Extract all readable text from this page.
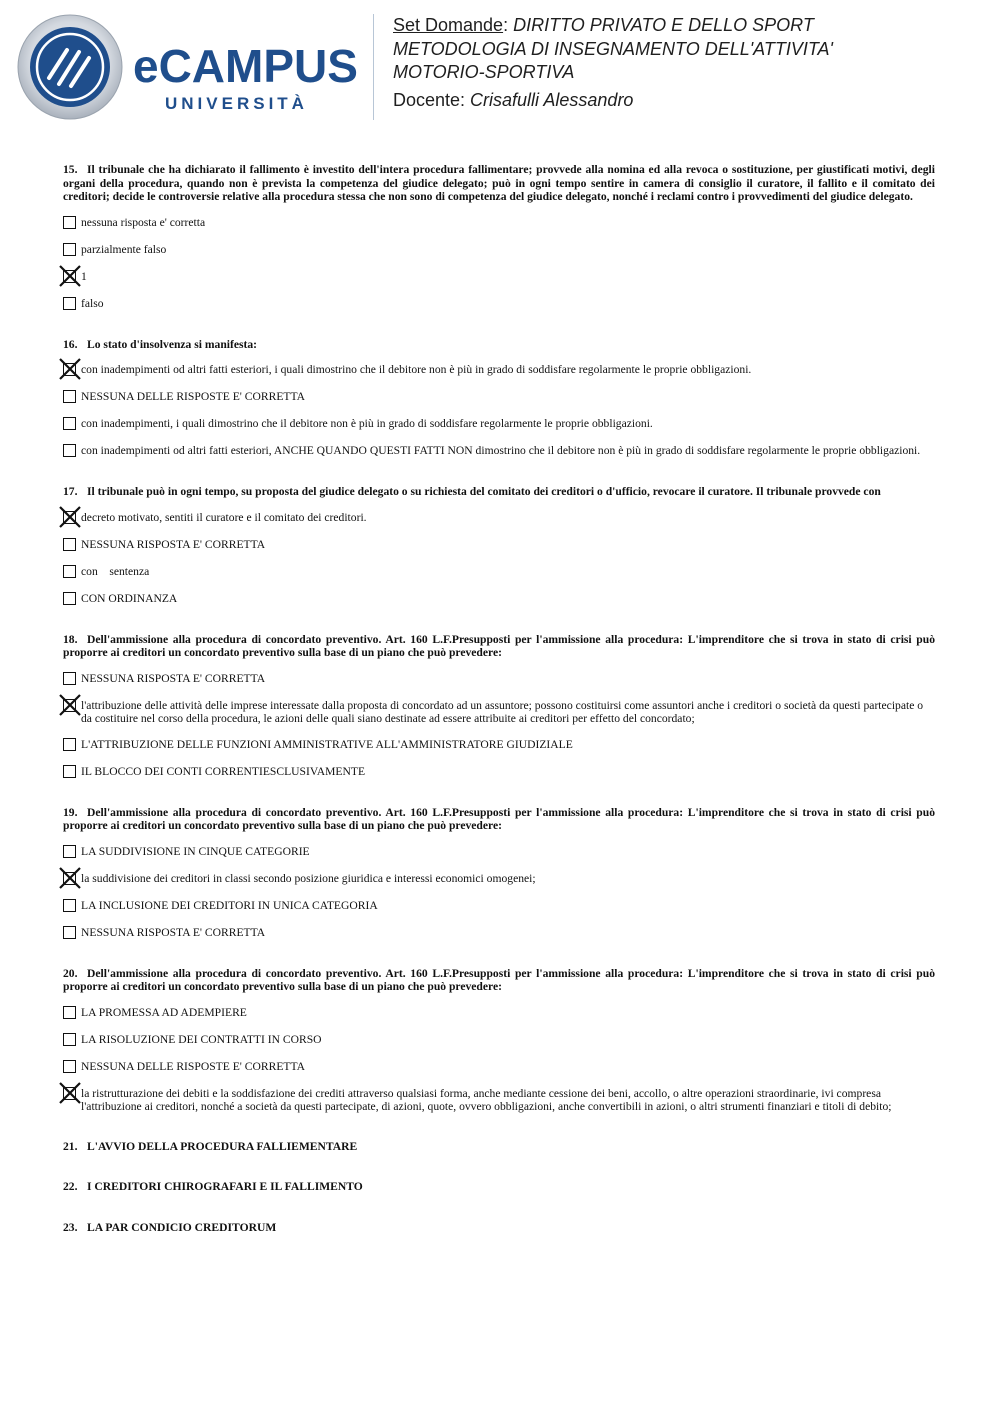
eCAMPUS
UNIVERSITÀ
Set Domande: DIRITTO PRIVATO E DELLO SPORT
METODOLOGIA DI INSEGNAMENTO DELL'ATTIVITA'
MOTORIO-SPORTIVA
Docente: Crisafulli Alessandro
15. Il tribunale che ha dichiarato il fallimento è investito dell'intera procedura fallimentare; provvede alla nomina ed alla revoca o sostituzione, per giustificati motivi, degli organi della procedura, quando non è prevista la competenza del giudice delegato; può in ogni tempo sentire in camera di consiglio il curatore, il fallito e il comitato dei creditori; decide le controversie relative alla procedura stessa che non sono di competenza del giudice delegato, nonché i reclami contro i provvedimenti del giudice delegato.
nessuna risposta e' corretta
parzialmente falso
1
falso
16. Lo stato d'insolvenza si manifesta:
con inadempimenti od altri fatti esteriori, i quali dimostrino che il debitore non è più in grado di soddisfare regolarmente le proprie obbligazioni.
NESSUNA DELLE RISPOSTE E' CORRETTA
con inadempimenti, i quali dimostrino che il debitore non è più in grado di soddisfare regolarmente le proprie obbligazioni.
con inadempimenti od altri fatti esteriori, ANCHE QUANDO QUESTI FATTI NON dimostrino che il debitore non è più in grado di soddisfare regolarmente le proprie obbligazioni.
17. Il tribunale può in ogni tempo, su proposta del giudice delegato o su richiesta del comitato dei creditori o d'ufficio, revocare il curatore. Il tribunale provvede con
decreto motivato, sentiti il curatore e il comitato dei creditori.
NESSUNA RISPOSTA E' CORRETTA
con    sentenza
CON ORDINANZA
18. Dell'ammissione alla procedura di concordato preventivo. Art. 160 L.F.Presupposti per l'ammissione alla procedura: L'imprenditore che si trova in stato di crisi può proporre ai creditori un concordato preventivo sulla base di un piano che può prevedere:
NESSUNA RISPOSTA E' CORRETTA
l'attribuzione delle attività delle imprese interessate dalla proposta di concordato ad un assuntore; possono costituirsi come assuntori anche i creditori o società da questi partecipate o da costituire nel corso della procedura, le azioni delle quali siano destinate ad essere attribuite ai creditori per effetto del concordato;
L'ATTRIBUZIONE DELLE FUNZIONI AMMINISTRATIVE ALL'AMMINISTRATORE GIUDIZIALE
IL BLOCCO DEI CONTI CORRENTIESCLUSIVAMENTE
19. Dell'ammissione alla procedura di concordato preventivo. Art. 160 L.F.Presupposti per l'ammissione alla procedura: L'imprenditore che si trova in stato di crisi può proporre ai creditori un concordato preventivo sulla base di un piano che può prevedere:
LA SUDDIVISIONE IN CINQUE CATEGORIE
la suddivisione dei creditori in classi secondo posizione giuridica e interessi economici omogenei;
LA INCLUSIONE DEI CREDITORI IN UNICA CATEGORIA
NESSUNA RISPOSTA E' CORRETTA
20. Dell'ammissione alla procedura di concordato preventivo. Art. 160 L.F.Presupposti per l'ammissione alla procedura: L'imprenditore che si trova in stato di crisi può proporre ai creditori un concordato preventivo sulla base di un piano che può prevedere:
LA PROMESSA AD ADEMPIERE
LA RISOLUZIONE DEI CONTRATTI IN CORSO
NESSUNA DELLE RISPOSTE E' CORRETTA
la ristrutturazione dei debiti e la soddisfazione dei crediti attraverso qualsiasi forma, anche mediante cessione dei beni, accollo, o altre operazioni straordinarie, ivi compresa l'attribuzione ai creditori, nonché a società da questi partecipate, di azioni, quote, ovvero obbligazioni, anche convertibili in azioni, o altri strumenti finanziari e titoli di debito;
21. L'AVVIO DELLA PROCEDURA FALLIEMENTARE
22. I CREDITORI CHIROGRAFARI E IL FALLIMENTO
23. LA PAR CONDICIO CREDITORUM
